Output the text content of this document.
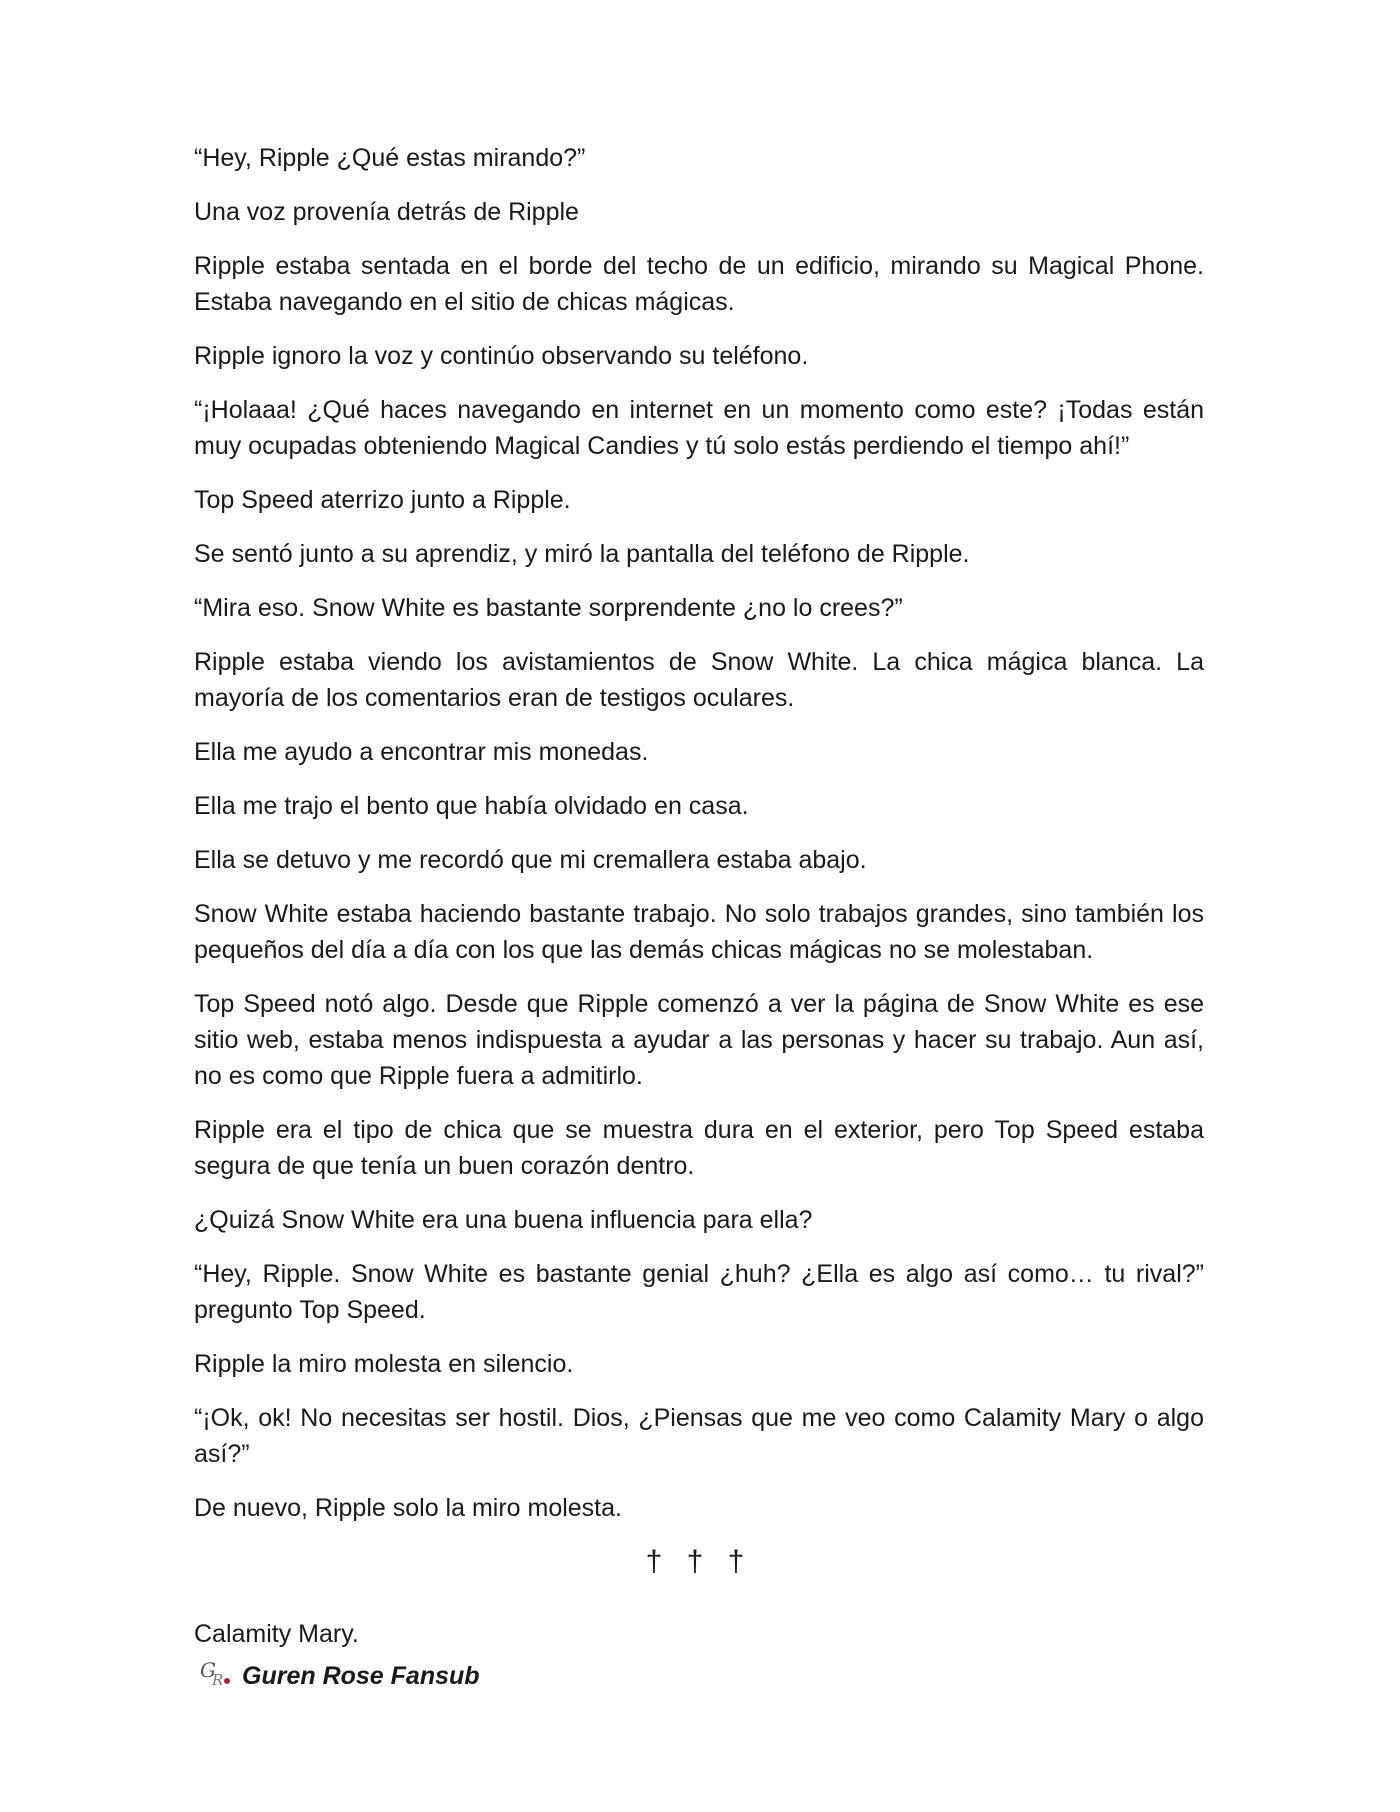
“Hey, Ripple ¿Qué estas mirando?”

Una voz provenía detrás de Ripple

Ripple estaba sentada en el borde del techo de un edificio, mirando su Magical Phone. Estaba navegando en el sitio de chicas mágicas.

Ripple ignoro la voz y continúo observando su teléfono.

“¡Holaaa! ¿Qué haces navegando en internet en un momento como este? ¡Todas están muy ocupadas obteniendo Magical Candies y tú solo estás perdiendo el tiempo ahí!”

Top Speed aterrizo junto a Ripple.

Se sentó junto a su aprendiz, y miró la pantalla del teléfono de Ripple.

“Mira eso. Snow White es bastante sorprendente ¿no lo crees?”

Ripple estaba viendo los avistamientos de Snow White. La chica mágica blanca. La mayoría de los comentarios eran de testigos oculares.

Ella me ayudo a encontrar mis monedas.

Ella me trajo el bento que había olvidado en casa.

Ella se detuvo y me recordó que mi cremallera estaba abajo.

Snow White estaba haciendo bastante trabajo. No solo trabajos grandes, sino también los pequeños del día a día con los que las demás chicas mágicas no se molestaban.

Top Speed notó algo. Desde que Ripple comenzó a ver la página de Snow White es ese sitio web, estaba menos indispuesta a ayudar a las personas y hacer su trabajo. Aun así, no es como que Ripple fuera a admitirlo.

Ripple era el tipo de chica que se muestra dura en el exterior, pero Top Speed estaba segura de que tenía un buen corazón dentro.

¿Quizá Snow White era una buena influencia para ella?

“Hey, Ripple. Snow White es bastante genial ¿huh? ¿Ella es algo así como… tu rival?” pregunto Top Speed.

Ripple la miro molesta en silencio.

“¡Ok, ok! No necesitas ser hostil. Dios, ¿Piensas que me veo como Calamity Mary o algo así?”

De nuevo, Ripple solo la miro molesta.

† † †

Calamity Mary.

G
R Guren Rose Fansub
